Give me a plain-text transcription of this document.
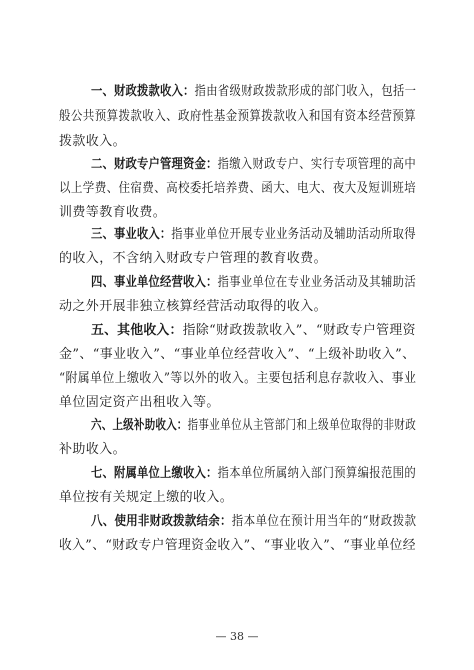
一、财政拨款收入：指由省级财政拨款形成的部门收入，包括一
般公共预算拨款收入、政府性基金预算拨款收入和国有资本经营预算
拨款收入。
二、财政专户管理资金：指缴入财政专户、实行专项管理的高中
以上学费、住宿费、高校委托培养费、函大、电大、夜大及短训班培
训费等教育收费。
三、事业收入：指事业单位开展专业业务活动及辅助活动所取得
的收入，不含纳入财政专户管理的教育收费。
四、事业单位经营收入：指事业单位在专业业务活动及其辅助活
动之外开展非独立核算经营活动取得的收入。
五、其他收入：指除“财政拨款收入”、“财政专户管理资
金”、“事业收入”、“事业单位经营收入”、“上级补助收入”、
“附属单位上缴收入”等以外的收入。主要包括利息存款收入、事业
单位固定资产出租收入等。
六、上级补助收入：指事业单位从主管部门和上级单位取得的非财政
补助收入。
七、附属单位上缴收入：指本单位所属纳入部门预算编报范围的
单位按有关规定上缴的收入。
八、使用非财政拨款结余：指本单位在预计用当年的“财政拨款
收入”、“财政专户管理资金收入”、“事业收入”、“事业单位经
— 38 —
